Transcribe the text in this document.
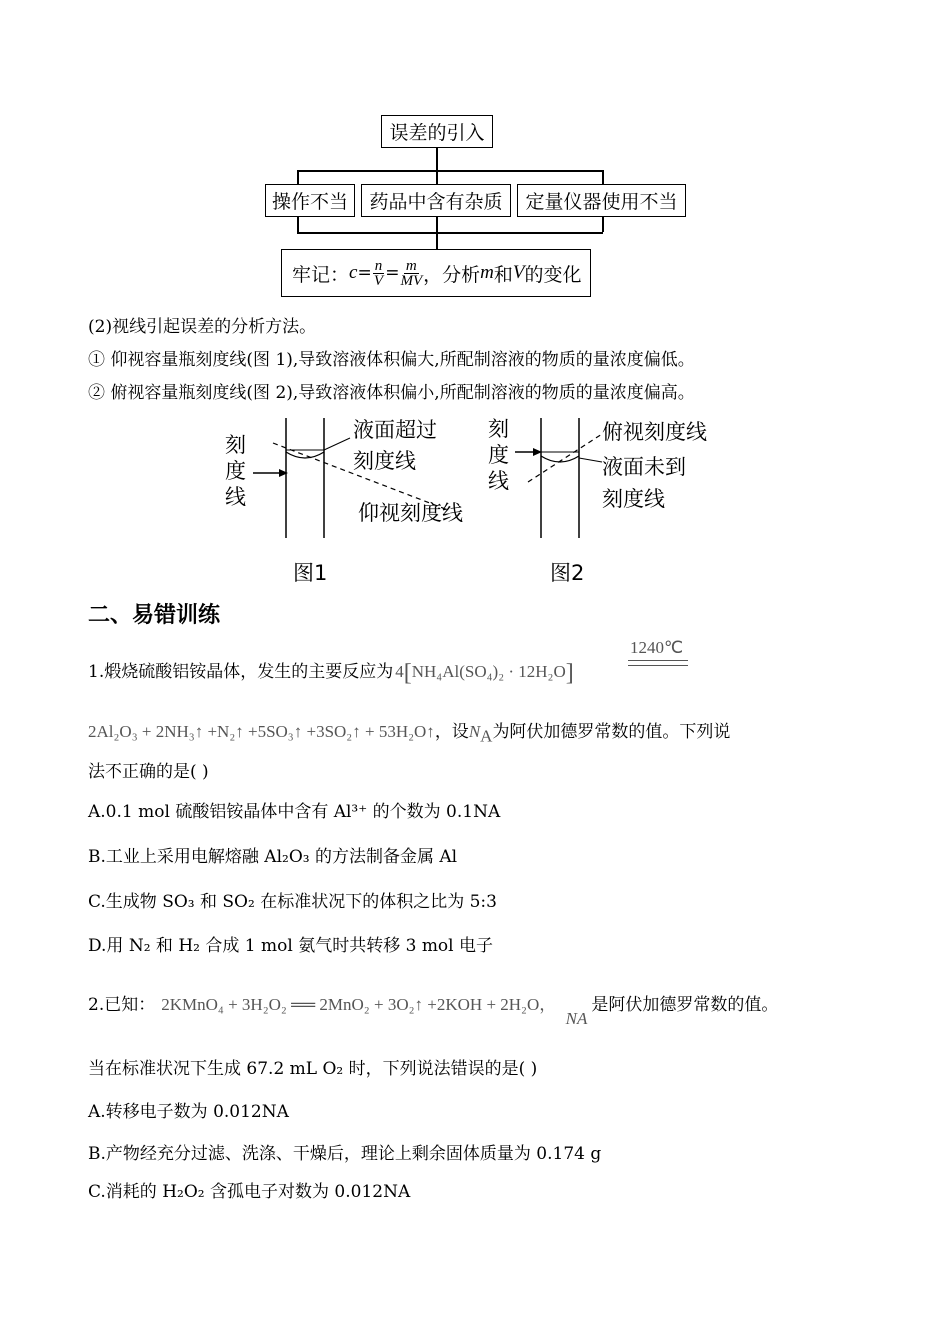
误差的引入
操作不当	药品中含有杂质	定量仪器使用不当
牢记： $c = \frac{n}{V} = \frac{m}{MV}$ ，分析 m 和 V 的变化
(2)视线引起误差的分析方法。
① 仰视容量瓶刻度线(图 1),导致溶液体积偏大,所配制溶液的物质的量浓度偏低。
② 俯视容量瓶刻度线(图 2),导致溶液体积偏小,所配制溶液的物质的量浓度偏高。
刻
度
线
液面超过
刻度线
仰视刻度线
图1
刻
度
线
俯视刻度线
液面未到
刻度线
图2
二、易错训练
1.煅烧硫酸铝铵晶体，发生的主要反应为 4[NH₄Al(SO₄)₂ · 12H₂O]
1240℃
2Al₂O₃ + 2NH₃↑ +N₂↑ +5SO₃↑ +3SO₂↑ + 53H₂O↑，设$N_A$为阿伏加德罗常数的值。下列说
法不正确的是( )
A.0.1 mol 硫酸铝铵晶体中含有 Al³⁺ 的个数为 0.1NA
B.工业上采用电解熔融 Al₂O₃ 的方法制备金属 Al
C.生成物 SO₃ 和 SO₂ 在标准状况下的体积之比为 5:3
D.用 N₂ 和 H₂ 合成 1 mol 氨气时共转移 3 mol 电子
2.已知： 2KMnO₄ + 3H₂O₂ ══ 2MnO₂ + 3O₂↑ +2KOH + 2H₂O， NA是阿伏加德罗常数的值。
当在标准状况下生成 67.2 mL O₂ 时，下列说法错误的是( )
A.转移电子数为 0.012NA
B.产物经充分过滤、洗涤、干燥后，理论上剩余固体质量为 0.174 g
C.消耗的 H₂O₂ 含孤电子对数为 0.012NA
